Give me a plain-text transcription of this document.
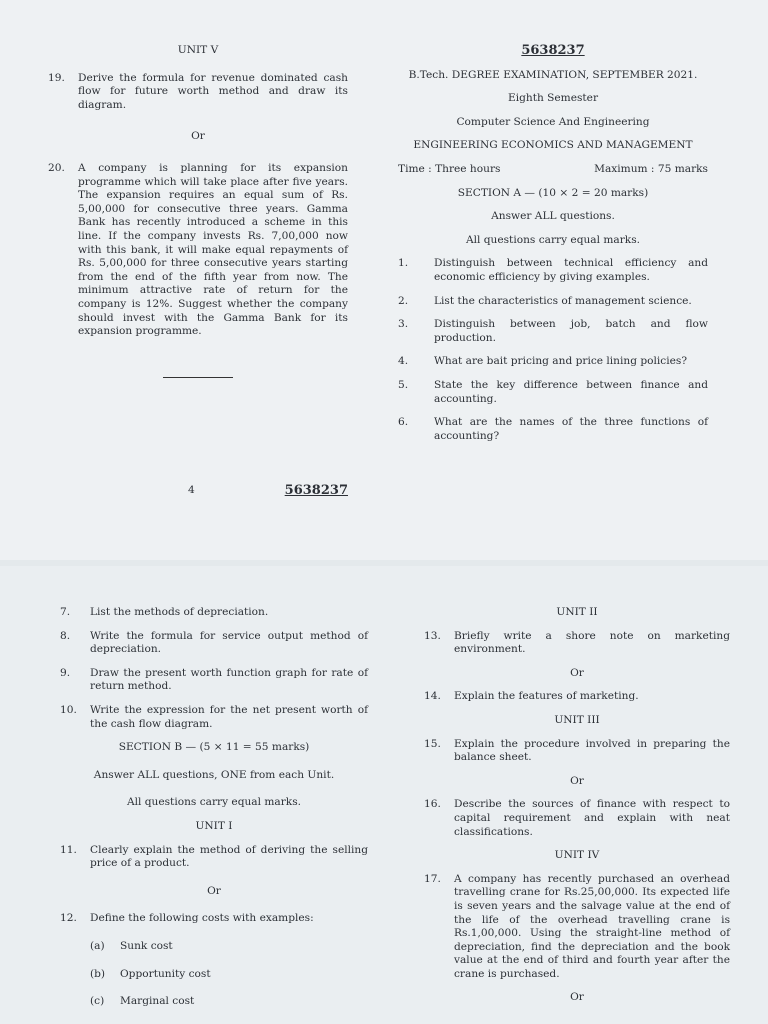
UNIT V
19.	Derive the formula for revenue dominated cash flow for future worth method and draw its diagram.
Or
20.	A company is planning for its expansion programme which will take place after five years. The expansion requires an equal sum of Rs. 5,00,000 for consecutive three years. Gamma Bank has recently introduced a scheme in this line. If the company invests Rs. 7,00,000 now with this bank, it will make equal repayments of Rs. 5,00,000 for three consecutive years starting from the end of the fifth year from now. The minimum attractive rate of return for the company is 12%. Suggest whether the company should invest with the Gamma Bank for its expansion programme.
4	5638237
5638237
B.Tech. DEGREE EXAMINATION, SEPTEMBER 2021.
Eighth Semester
Computer Science And Engineering
ENGINEERING ECONOMICS AND MANAGEMENT
Time : Three hours	Maximum : 75 marks
SECTION A — (10 × 2 = 20 marks)
Answer ALL questions.
All questions carry equal marks.
1.	Distinguish between technical efficiency and economic efficiency by giving examples.
2.	List the characteristics of management science.
3.	Distinguish between job, batch and flow production.
4.	What are bait pricing and price lining policies?
5.	State the key difference between finance and accounting.
6.	What are the names of the three functions of accounting?
7.	List the methods of depreciation.
8.	Write the formula for service output method of depreciation.
9.	Draw the present worth function graph for rate of return method.
10.	Write the expression for the net present worth of the cash flow diagram.
SECTION B — (5 × 11 = 55 marks)
Answer ALL questions, ONE from each Unit.
All questions carry equal marks.
UNIT I
11.	Clearly explain the method of deriving the selling price of a product.
Or
12.	Define the following costs with examples:
(a)	Sunk cost
(b)	Opportunity cost
(c)	Marginal cost
UNIT II
13.	Briefly write a shore note on marketing environment.
Or
14.	Explain the features of marketing.
UNIT III
15.	Explain the procedure involved in preparing the balance sheet.
Or
16.	Describe the sources of finance with respect to capital requirement and explain with neat classifications.
UNIT IV
17.	A company has recently purchased an overhead travelling crane for Rs.25,00,000. Its expected life is seven years and the salvage value at the end of the life of the overhead travelling crane is Rs.1,00,000. Using the straight-line method of depreciation, find the depreciation and the book value at the end of third and fourth year after the crane is purchased.
Or
